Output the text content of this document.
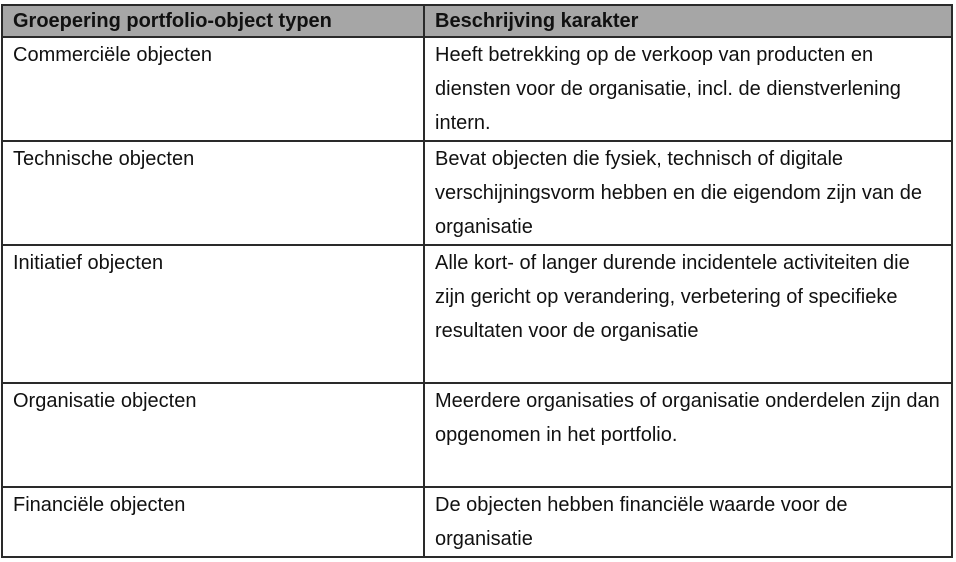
Groepering portfolio-object typen	Beschrijving karakter
Commerciële objecten	Heeft betrekking op de verkoop van producten en diensten voor de organisatie, incl. de dienstverlening intern.
Technische objecten	Bevat objecten die fysiek, technisch of digitale verschijningsvorm hebben en die eigendom zijn van de organisatie
Initiatief objecten	Alle kort- of langer durende incidentele activiteiten die zijn gericht op verandering, verbetering of specifieke resultaten voor de organisatie
Organisatie objecten	Meerdere organisaties of organisatie onderdelen zijn dan opgenomen in het portfolio.
Financiële objecten	De objecten hebben financiële waarde voor de organisatie
